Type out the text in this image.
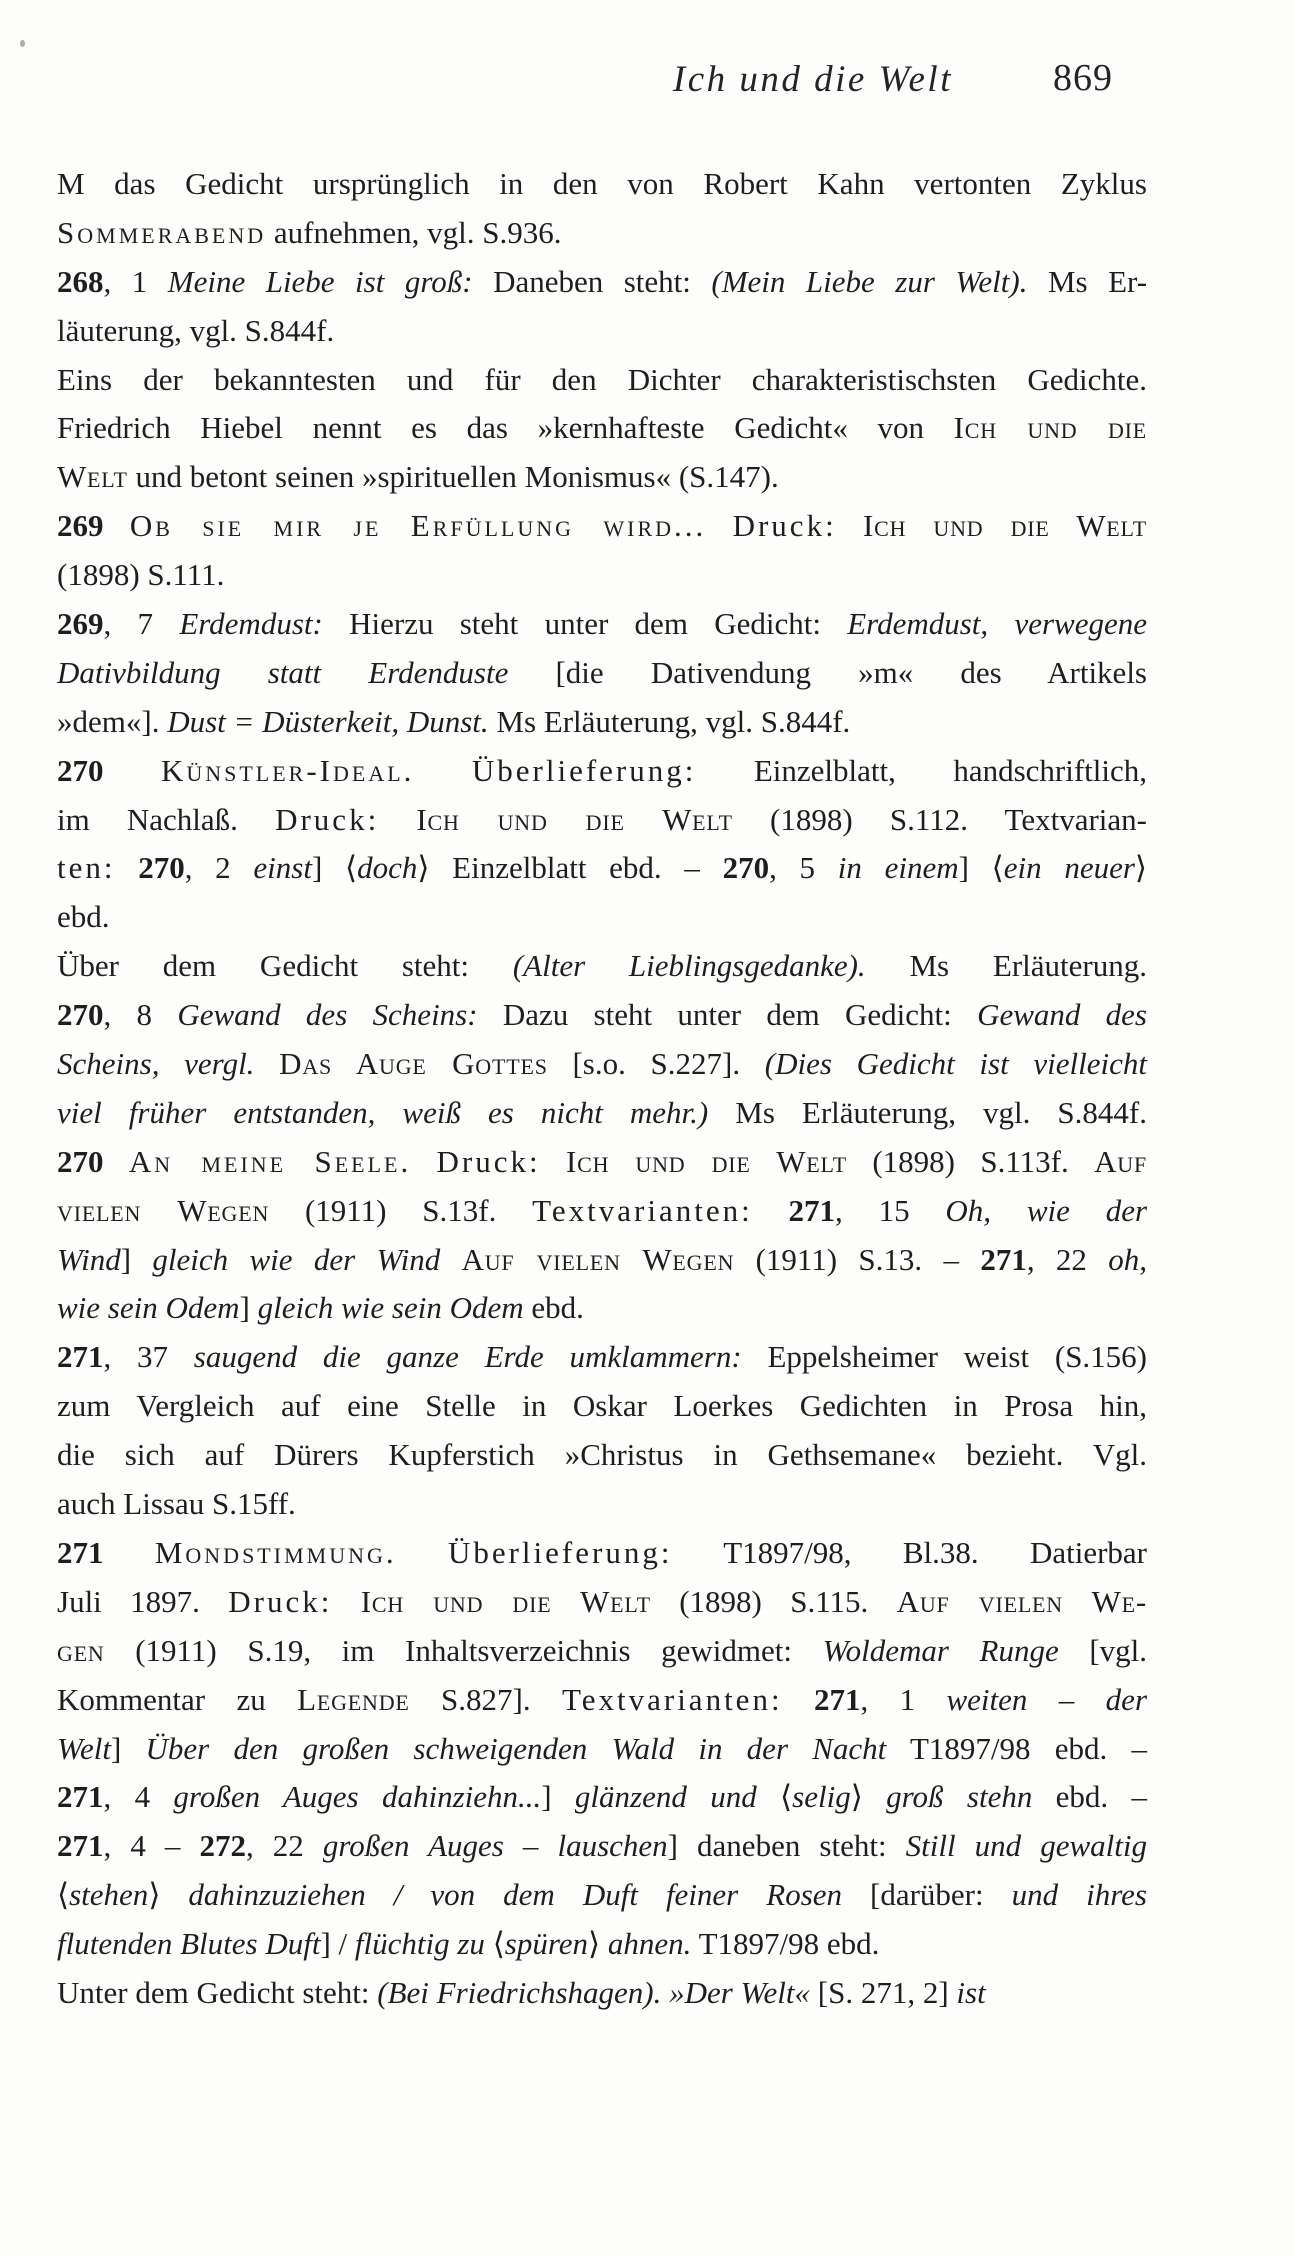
Ich und die Welt	869
M das Gedicht ursprünglich in den von Robert Kahn vertonten Zyklus
Sommerabend aufnehmen, vgl. S.936.
268, 1 Meine Liebe ist groß: Daneben steht: (Mein Liebe zur Welt). Ms Er-
läuterung, vgl. S.844f.
Eins der bekanntesten und für den Dichter charakteristischsten Gedichte.
Friedrich Hiebel nennt es das »kernhafteste Gedicht« von Ich und die
Welt und betont seinen »spirituellen Monismus« (S.147).
269 Ob sie mir je Erfüllung wird... Druck: Ich und die Welt
(1898) S.111.
269, 7 Erdemdust: Hierzu steht unter dem Gedicht: Erdemdust, verwegene
Dativbildung statt Erdenduste [die Dativendung »m« des Artikels
»dem«]. Dust = Düsterkeit, Dunst. Ms Erläuterung, vgl. S.844f.
270 Künstler-Ideal. Überlieferung: Einzelblatt, handschriftlich,
im Nachlaß. Druck: Ich und die Welt (1898) S.112. Textvarian-
ten: 270, 2 einst] ⟨doch⟩ Einzelblatt ebd. – 270, 5 in einem] ⟨ein neuer⟩
ebd.
Über dem Gedicht steht: (Alter Lieblingsgedanke). Ms Erläuterung.
270, 8 Gewand des Scheins: Dazu steht unter dem Gedicht: Gewand des
Scheins, vergl. Das Auge Gottes [s.o. S.227]. (Dies Gedicht ist vielleicht
viel früher entstanden, weiß es nicht mehr.) Ms Erläuterung, vgl. S.844f.
270 An meine Seele. Druck: Ich und die Welt (1898) S.113f. Auf
vielen Wegen (1911) S.13f. Textvarianten: 271, 15 Oh, wie der
Wind] gleich wie der Wind Auf vielen Wegen (1911) S.13. – 271, 22 oh,
wie sein Odem] gleich wie sein Odem ebd.
271, 37 saugend die ganze Erde umklammern: Eppelsheimer weist (S.156)
zum Vergleich auf eine Stelle in Oskar Loerkes Gedichten in Prosa hin,
die sich auf Dürers Kupferstich »Christus in Gethsemane« bezieht. Vgl.
auch Lissau S.15ff.
271 Mondstimmung. Überlieferung: T1897/98, Bl.38. Datierbar
Juli 1897. Druck: Ich und die Welt (1898) S.115. Auf vielen We-
gen (1911) S.19, im Inhaltsverzeichnis gewidmet: Woldemar Runge [vgl.
Kommentar zu Legende S.827]. Textvarianten: 271, 1 weiten – der
Welt] Über den großen schweigenden Wald in der Nacht T1897/98 ebd. –
271, 4 großen Auges dahinziehn...] glänzend und ⟨selig⟩ groß stehn ebd. –
271, 4 – 272, 22 großen Auges – lauschen] daneben steht: Still und gewaltig
⟨stehen⟩ dahinzuziehen / von dem Duft feiner Rosen [darüber: und ihres
flutenden Blutes Duft] / flüchtig zu ⟨spüren⟩ ahnen. T1897/98 ebd.
Unter dem Gedicht steht: (Bei Friedrichshagen). »Der Welt« [S. 271, 2] ist
